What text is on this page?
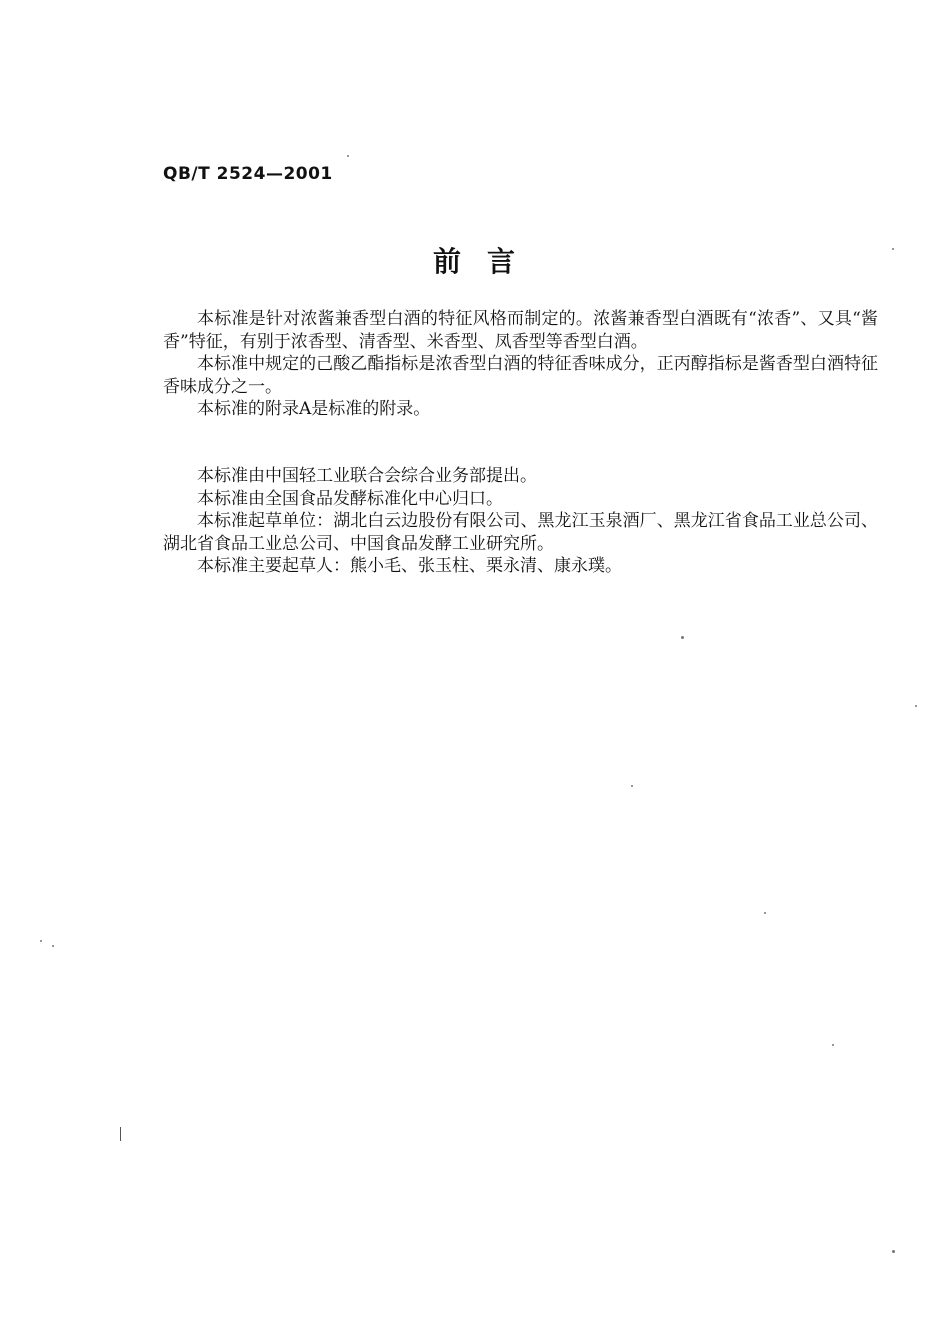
QB/T 2524—2001
前 言

本标准是针对浓酱兼香型白酒的特征风格而制定的。浓酱兼香型白酒既有“浓香”、又具“酱香”特征，有别于浓香型、清香型、米香型、凤香型等香型白酒。

本标准中规定的己酸乙酯指标是浓香型白酒的特征香味成分，正丙醇指标是酱香型白酒特征香味成分之一。

本标准的附录A是标准的附录。

本标准由中国轻工业联合会综合业务部提出。

本标准由全国食品发酵标准化中心归口。

本标准起草单位：湖北白云边股份有限公司、黑龙江玉泉酒厂、黑龙江省食品工业总公司、湖北省食品工业总公司、中国食品发酵工业研究所。

本标准主要起草人：熊小毛、张玉柱、栗永清、康永璞。
